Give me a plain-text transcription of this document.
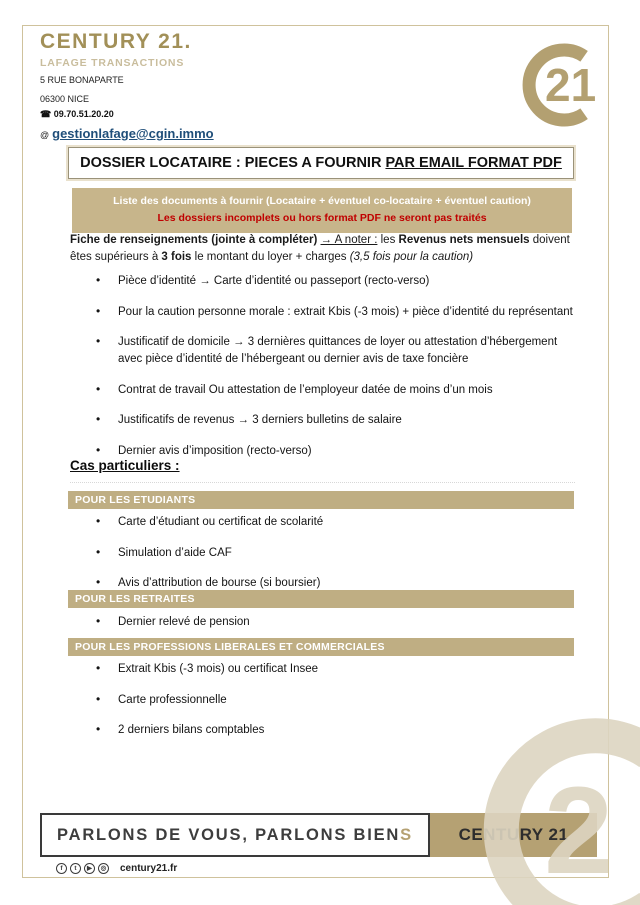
CENTURY 21.
LAFAGE TRANSACTIONS
5 RUE BONAPARTE
06300 NICE
☎ 09.70.51.20.20
@ gestionlafage@cgin.immo
21
DOSSIER LOCATAIRE : PIECES A FOURNIR PAR EMAIL FORMAT PDF
Liste des documents à fournir (Locataire + éventuel co-locataire + éventuel caution)
Les dossiers incomplets ou hors format PDF ne seront pas traités
Fiche de renseignements (jointe à compléter) → A noter : les Revenus nets mensuels doivent êtes supérieurs à 3 fois le montant du loyer + charges (3,5 fois pour la caution)
• Pièce d’identité → Carte d’identité ou passeport (recto-verso)
• Pour la caution personne morale : extrait Kbis (-3 mois) + pièce d’identité du représentant
• Justificatif de domicile → 3 dernières quittances de loyer ou attestation d’hébergement avec pièce d’identité de l’hébergeant ou dernier avis de taxe foncière
• Contrat de travail Ou attestation de l’employeur datée de moins d’un mois
• Justificatifs de revenus → 3 derniers bulletins de salaire
• Dernier avis d’imposition (recto-verso)
Cas particuliers :
POUR LES ETUDIANTS
• Carte d’étudiant ou certificat de scolarité
• Simulation d’aide CAF
• Avis d’attribution de bourse (si boursier)
POUR LES RETRAITES
• Dernier relevé de pension
POUR LES PROFESSIONS LIBERALES ET COMMERCIALES
• Extrait Kbis (-3 mois) ou certificat Insee
• Carte professionnelle
• 2 derniers bilans comptables
PARLONS DE VOUS, PARLONS BIEN S	CENTURY 21
2
f	t	▶	◎ century21.fr
